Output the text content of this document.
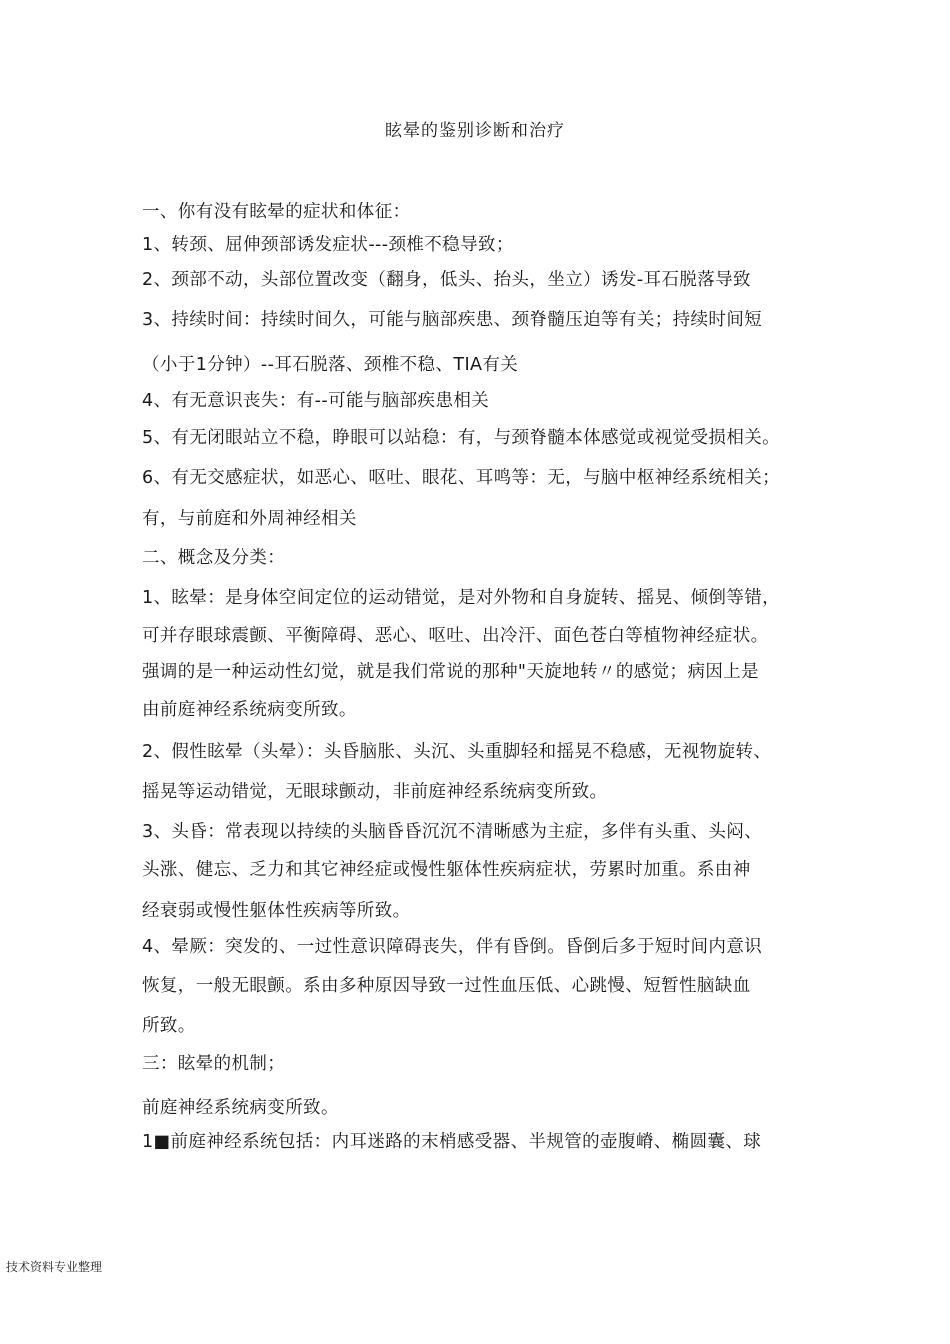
眩晕的鉴别诊断和治疗
一、你有没有眩晕的症状和体征：
1、转颈、屈伸颈部诱发症状---颈椎不稳导致；
2、颈部不动，头部位置改变（翻身，低头、抬头，坐立）诱发-耳石脱落导致
3、持续时间：持续时间久，可能与脑部疾患、颈脊髓压迫等有关；持续时间短
（小于1分钟）--耳石脱落、颈椎不稳、TIA有关
4、有无意识丧失：有--可能与脑部疾患相关
5、有无闭眼站立不稳，睁眼可以站稳：有，与颈脊髓本体感觉或视觉受损相关。
6、有无交感症状，如恶心、呕吐、眼花、耳鸣等：无，与脑中枢神经系统相关；
有，与前庭和外周神经相关
二、概念及分类：
1、眩晕：是身体空间定位的运动错觉，是对外物和自身旋转、摇晃、倾倒等错，
可并存眼球震颤、平衡障碍、恶心、呕吐、出冷汗、面色苍白等植物神经症状。
强调的是一种运动性幻觉，就是我们常说的那种"天旋地转〃的感觉；病因上是
由前庭神经系统病变所致。
2、假性眩晕（头晕）：头昏脑胀、头沉、头重脚轻和摇晃不稳感，无视物旋转、
摇晃等运动错觉，无眼球颤动，非前庭神经系统病变所致。
3、头昏：常表现以持续的头脑昏昏沉沉不清晰感为主症，多伴有头重、头闷、
头涨、健忘、乏力和其它神经症或慢性躯体性疾病症状，劳累时加重。系由神
经衰弱或慢性躯体性疾病等所致。
4、晕厥：突发的、一过性意识障碍丧失，伴有昏倒。昏倒后多于短时间内意识
恢复，一般无眼颤。系由多种原因导致一过性血压低、心跳慢、短暂性脑缺血
所致。
三：眩晕的机制；
前庭神经系统病变所致。
1■前庭神经系统包括：内耳迷路的末梢感受器、半规管的壶腹嵴、椭圆囊、球
技术资料专业整理
